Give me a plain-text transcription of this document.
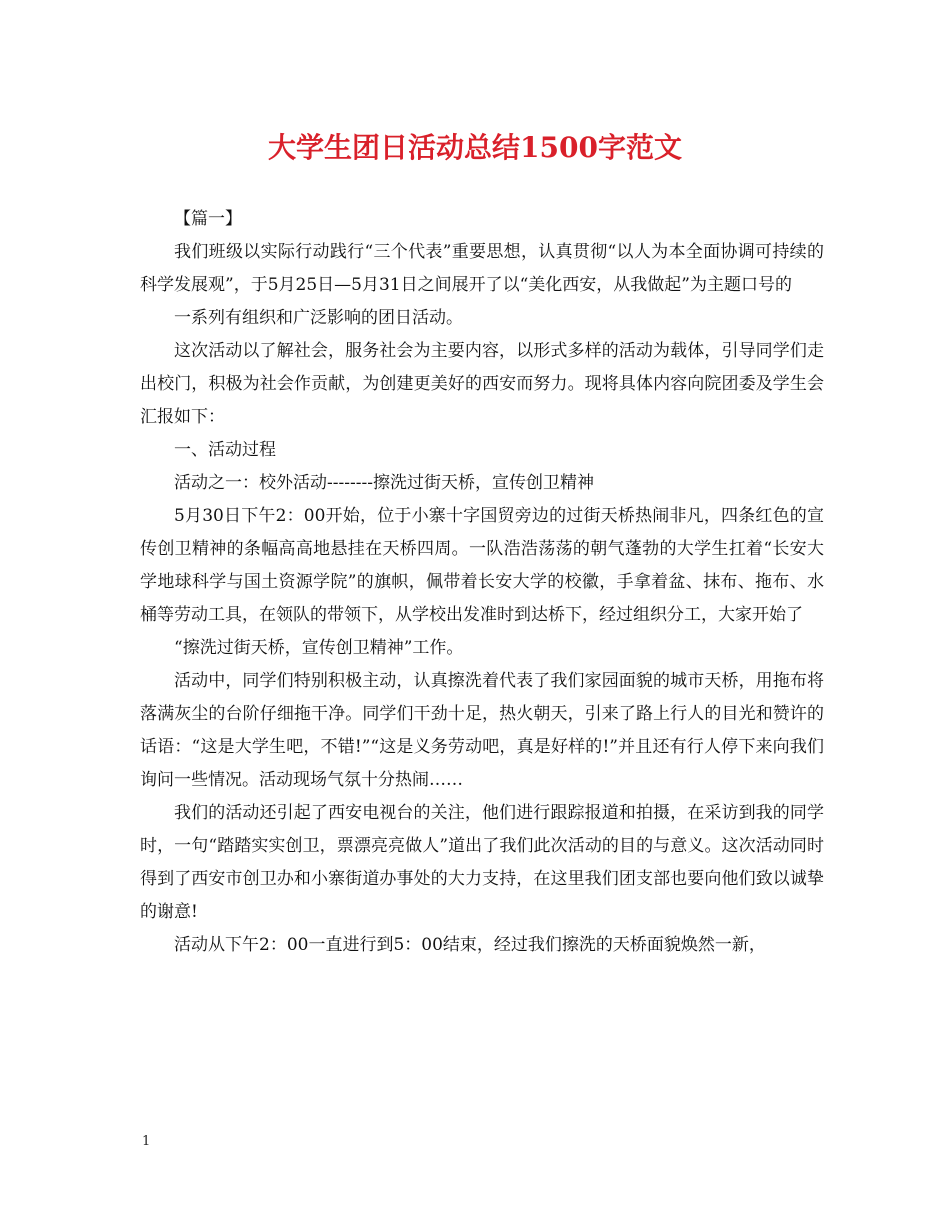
大学生团日活动总结1500字范文

【篇一】

我们班级以实际行动践行“三个代表”重要思想，认真贯彻“以人为本全面协调可持续的科学发展观”，于5月25日—5月31日之间展开了以“美化西安，从我做起”为主题口号的

一系列有组织和广泛影响的团日活动。

这次活动以了解社会，服务社会为主要内容，以形式多样的活动为载体，引导同学们走出校门，积极为社会作贡献，为创建更美好的西安而努力。现将具体内容向院团委及学生会汇报如下：

一、活动过程

活动之一：校外活动--------擦洗过街天桥，宣传创卫精神

5月30日下午2：00开始，位于小寨十字国贸旁边的过街天桥热闹非凡，四条红色的宣传创卫精神的条幅高高地悬挂在天桥四周。一队浩浩荡荡的朝气蓬勃的大学生扛着“长安大学地球科学与国土资源学院”的旗帜，佩带着长安大学的校徽，手拿着盆、抹布、拖布、水桶等劳动工具，在领队的带领下，从学校出发准时到达桥下，经过组织分工，大家开始了

“擦洗过街天桥，宣传创卫精神”工作。

活动中，同学们特别积极主动，认真擦洗着代表了我们家园面貌的城市天桥，用拖布将落满灰尘的台阶仔细拖干净。同学们干劲十足，热火朝天，引来了路上行人的目光和赞许的话语：“这是大学生吧，不错!”“这是义务劳动吧，真是好样的!”并且还有行人停下来向我们询问一些情况。活动现场气氛十分热闹……

我们的活动还引起了西安电视台的关注，他们进行跟踪报道和拍摄，在采访到我的同学时，一句“踏踏实实创卫，票漂亮亮做人”道出了我们此次活动的目的与意义。这次活动同时得到了西安市创卫办和小寨街道办事处的大力支持，在这里我们团支部也要向他们致以诚挚的谢意!

活动从下午2：00一直进行到5：00结束，经过我们擦洗的天桥面貌焕然一新，

1
